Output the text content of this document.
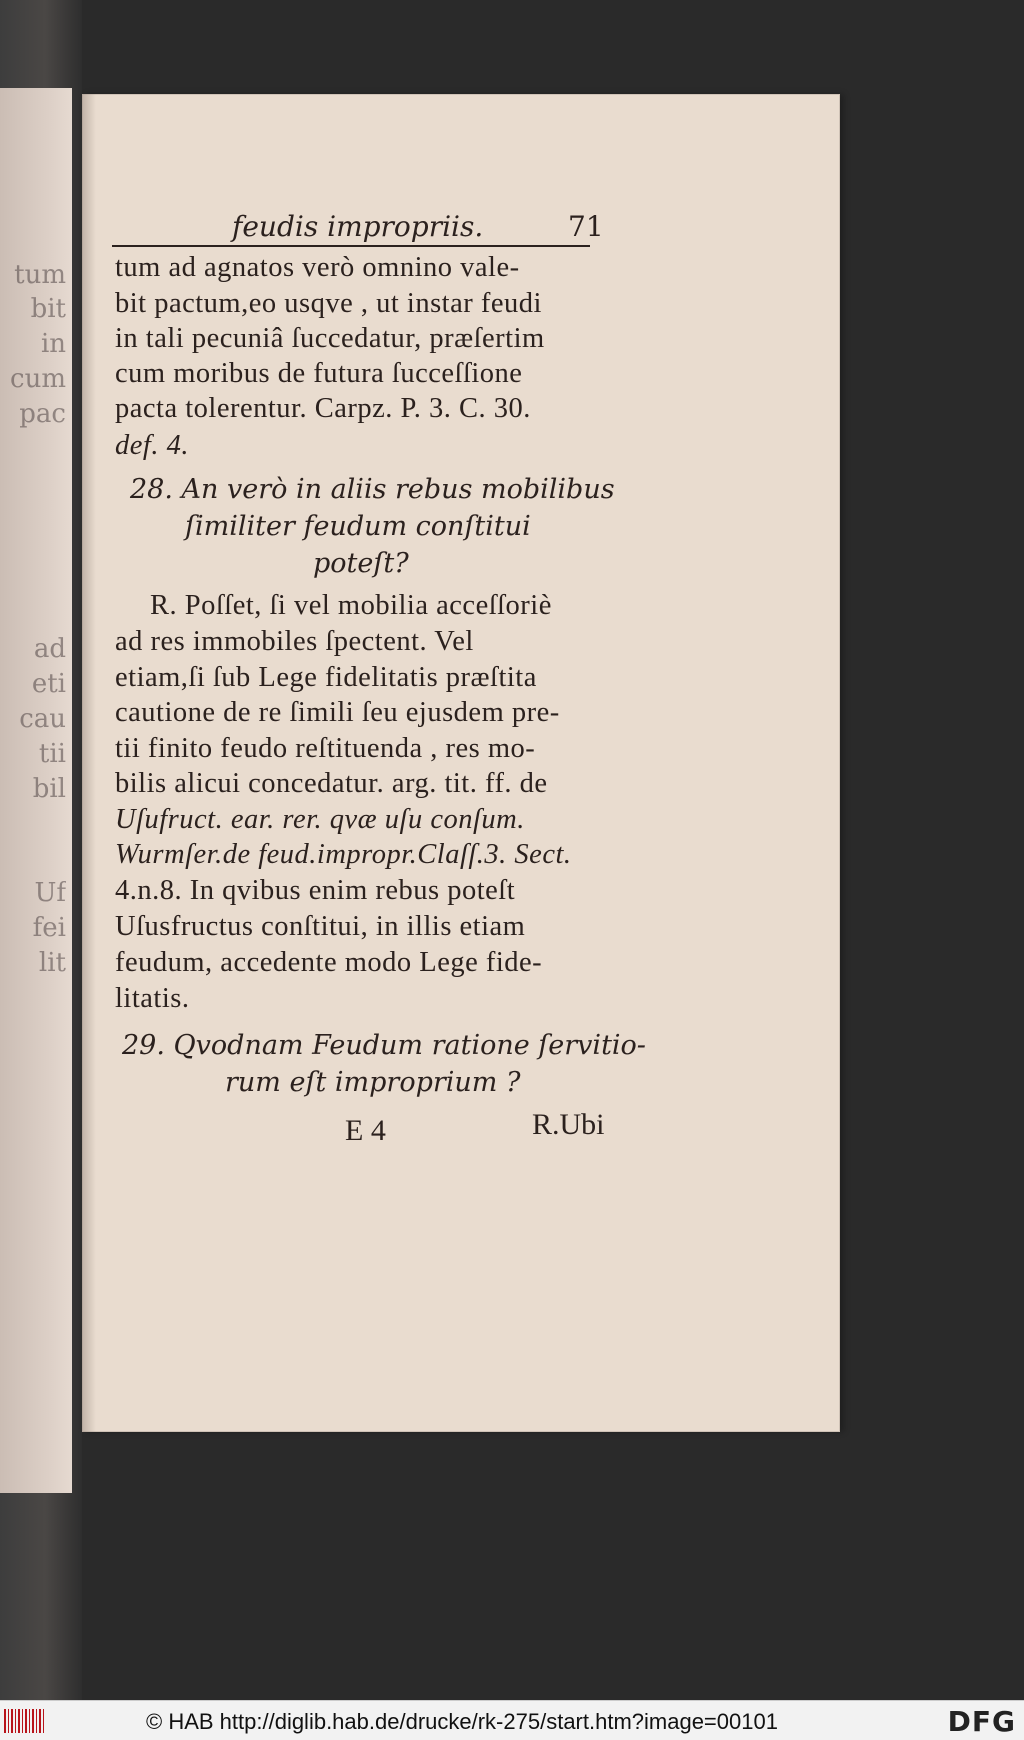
tum
bit
in
cum
pac
ad
eti
cau
tii
bil
Uf
fei
lit
feudis impropriis.	71
tum ad agnatos verò omnino vale-
bit pactum,eo usqve , ut instar feudi
in tali pecuniâ ſuccedatur, præſertim
cum moribus de futura ſucceſſione
pacta tolerentur. Carpz. P. 3. C. 30.
def. 4.
28. An verò in aliis rebus mobilibus
ſimiliter feudum conſtitui
poteſt?
R. Poſſet, ſi vel mobilia acceſſoriè
ad res immobiles ſpectent. Vel
etiam,ſi ſub Lege fidelitatis præſtita
cautione de re ſimili ſeu ejusdem pre-
tii finito feudo reſtituenda , res mo-
bilis alicui concedatur. arg. tit. ff. de
Uſufruct. ear. rer. qvæ uſu conſum.
Wurmſer.de feud.impropr.Claſſ.3. Sect.
4.n.8. In qvibus enim rebus poteſt
Uſusfructus conſtitui, in illis etiam
feudum, accedente modo Lege fide-
litatis.
29. Qvodnam Feudum ratione ſervitio-
rum eſt improprium ?
E 4	R.Ubi
© HAB http://diglib.hab.de/drucke/rk-275/start.htm?image=00101	DFG
